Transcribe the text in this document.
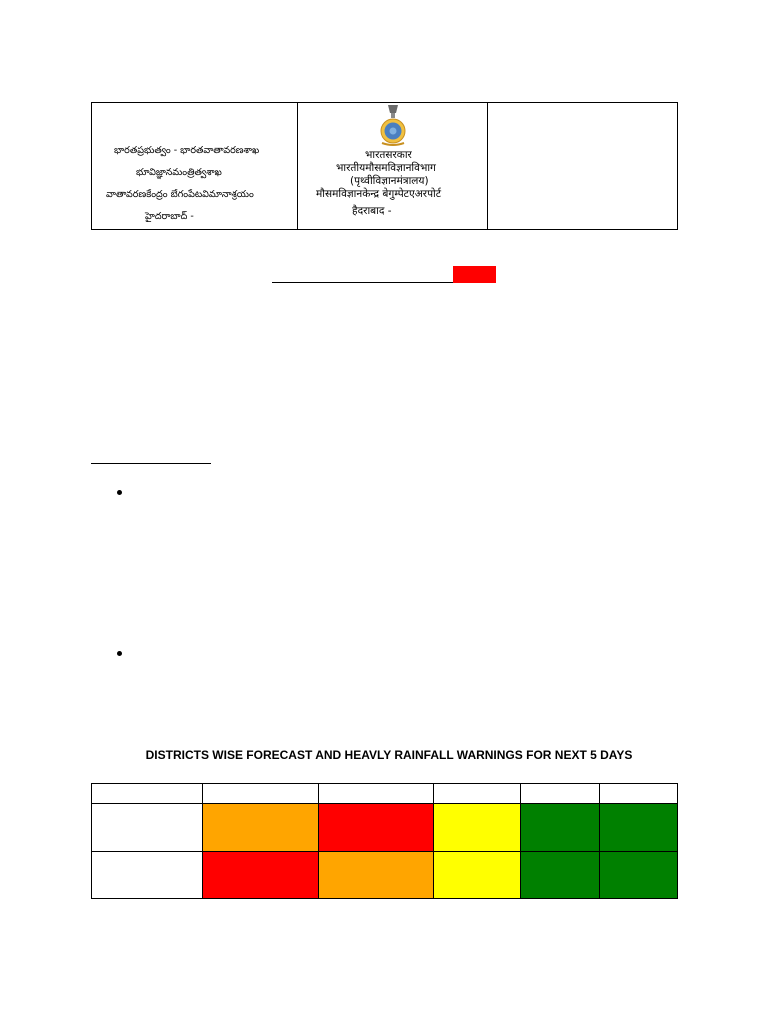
భారతప్రభుత్వం - భారతవాతావరణశాఖ
భూవిజ్ఞానమంత్రిత్వశాఖ
వాతావరణకేంద్రం బేగంపేటవిమానాశ్రయం
హైదరాబాద్ -
भारतसरकार
भारतीयमौसमविज्ञानविभाग
(पृथ्वीविज्ञानमंत्रालय)
मौसमविज्ञानकेन्द्र बेगुम्पेटएअरपोर्ट
हैदराबाद -
DISTRICTS WISE FORECAST AND HEAVLY RAINFALL WARNINGS FOR NEXT 5 DAYS
